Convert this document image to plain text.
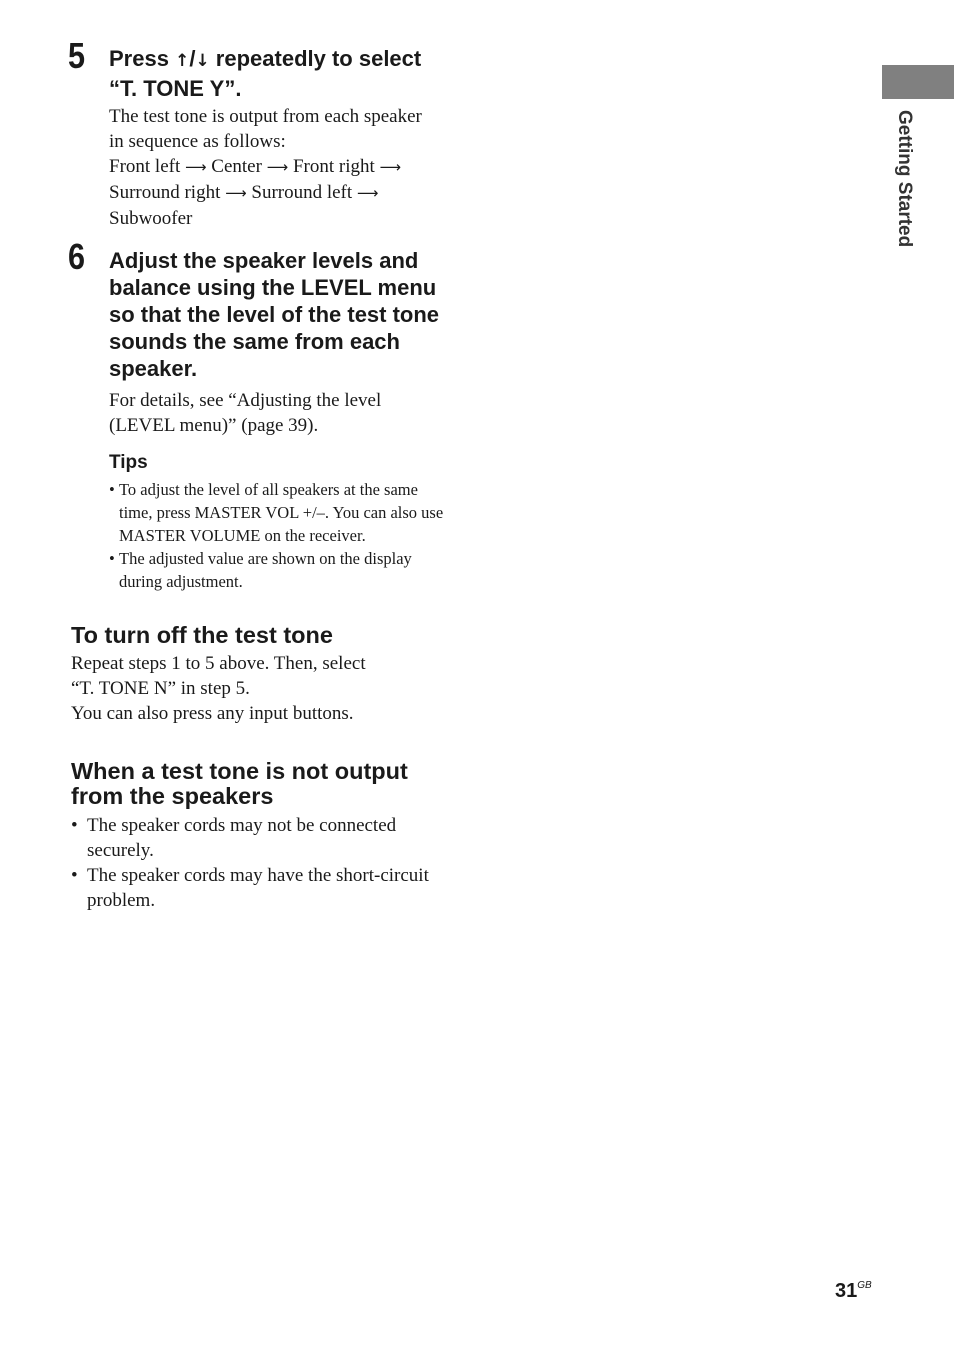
5 Press ↑/↓ repeatedly to select
“T. TONE Y”.
The test tone is output from each speaker
in sequence as follows:
Front left ⟶ Center ⟶ Front right ⟶
Surround right ⟶ Surround left ⟶
Subwoofer
6 Adjust the speaker levels and
balance using the LEVEL menu
so that the level of the test tone
sounds the same from each
speaker.
For details, see “Adjusting the level
(LEVEL menu)” (page 39).
Tips
• To adjust the level of all speakers at the same time, press MASTER VOL +/–. You can also use MASTER VOLUME on the receiver.
• The adjusted value are shown on the display during adjustment.
To turn off the test tone
Repeat steps 1 to 5 above. Then, select
“T. TONE N” in step 5.
You can also press any input buttons.
When a test tone is not output
from the speakers
• The speaker cords may not be connected securely.
• The speaker cords may have the short-circuit problem.
Getting Started
$31^{GB}$
